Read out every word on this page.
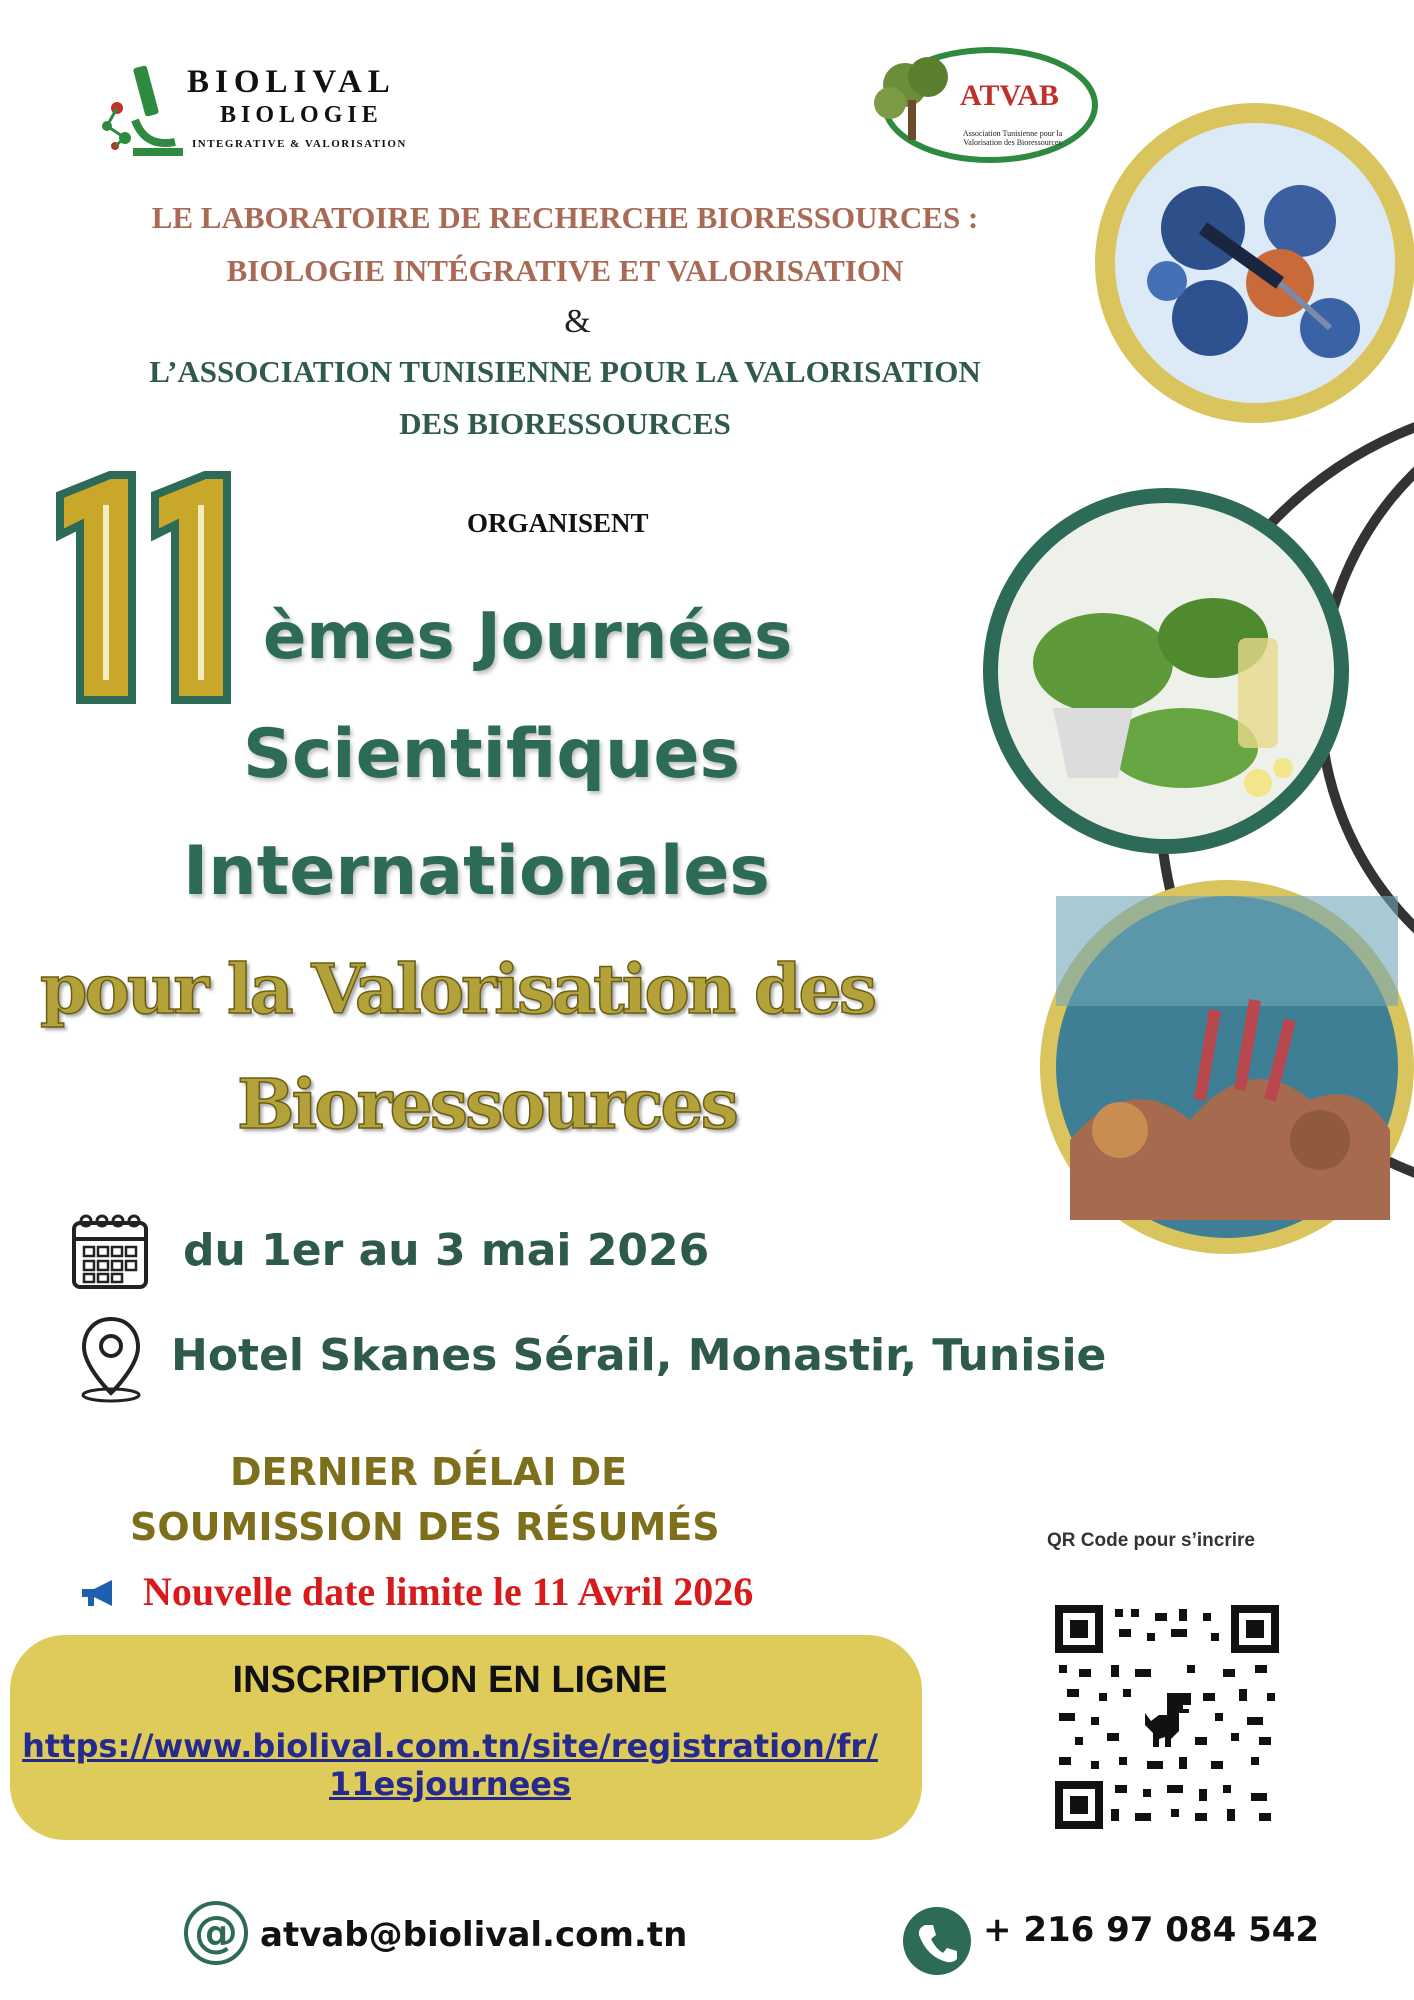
BIOLIVAL
BIOLOGIE
INTEGRATIVE & VALORISATION
ATVAB
Association Tunisienne pour la Valorisation des Bioressources
LE LABORATOIRE DE RECHERCHE BIORESSOURCES :
BIOLOGIE INTÉGRATIVE ET VALORISATION
&
L’ASSOCIATION TUNISIENNE POUR LA VALORISATION
DES BIORESSOURCES
ORGANISENT
èmes Journées
Scientifiques
Internationales
pour la Valorisation des
Bioressources
du 1er au 3 mai 2026
Hotel Skanes Sérail, Monastir, Tunisie
DERNIER DÉLAI DE
SOUMISSION DES RÉSUMÉS
Nouvelle date limite le 11 Avril 2026
INSCRIPTION EN LIGNE
https://www.biolival.com.tn/site/registration/fr/
11esjournees
QR Code pour s’incrire
@ atvab@biolival.com.tn	+ 216 97 084 542
